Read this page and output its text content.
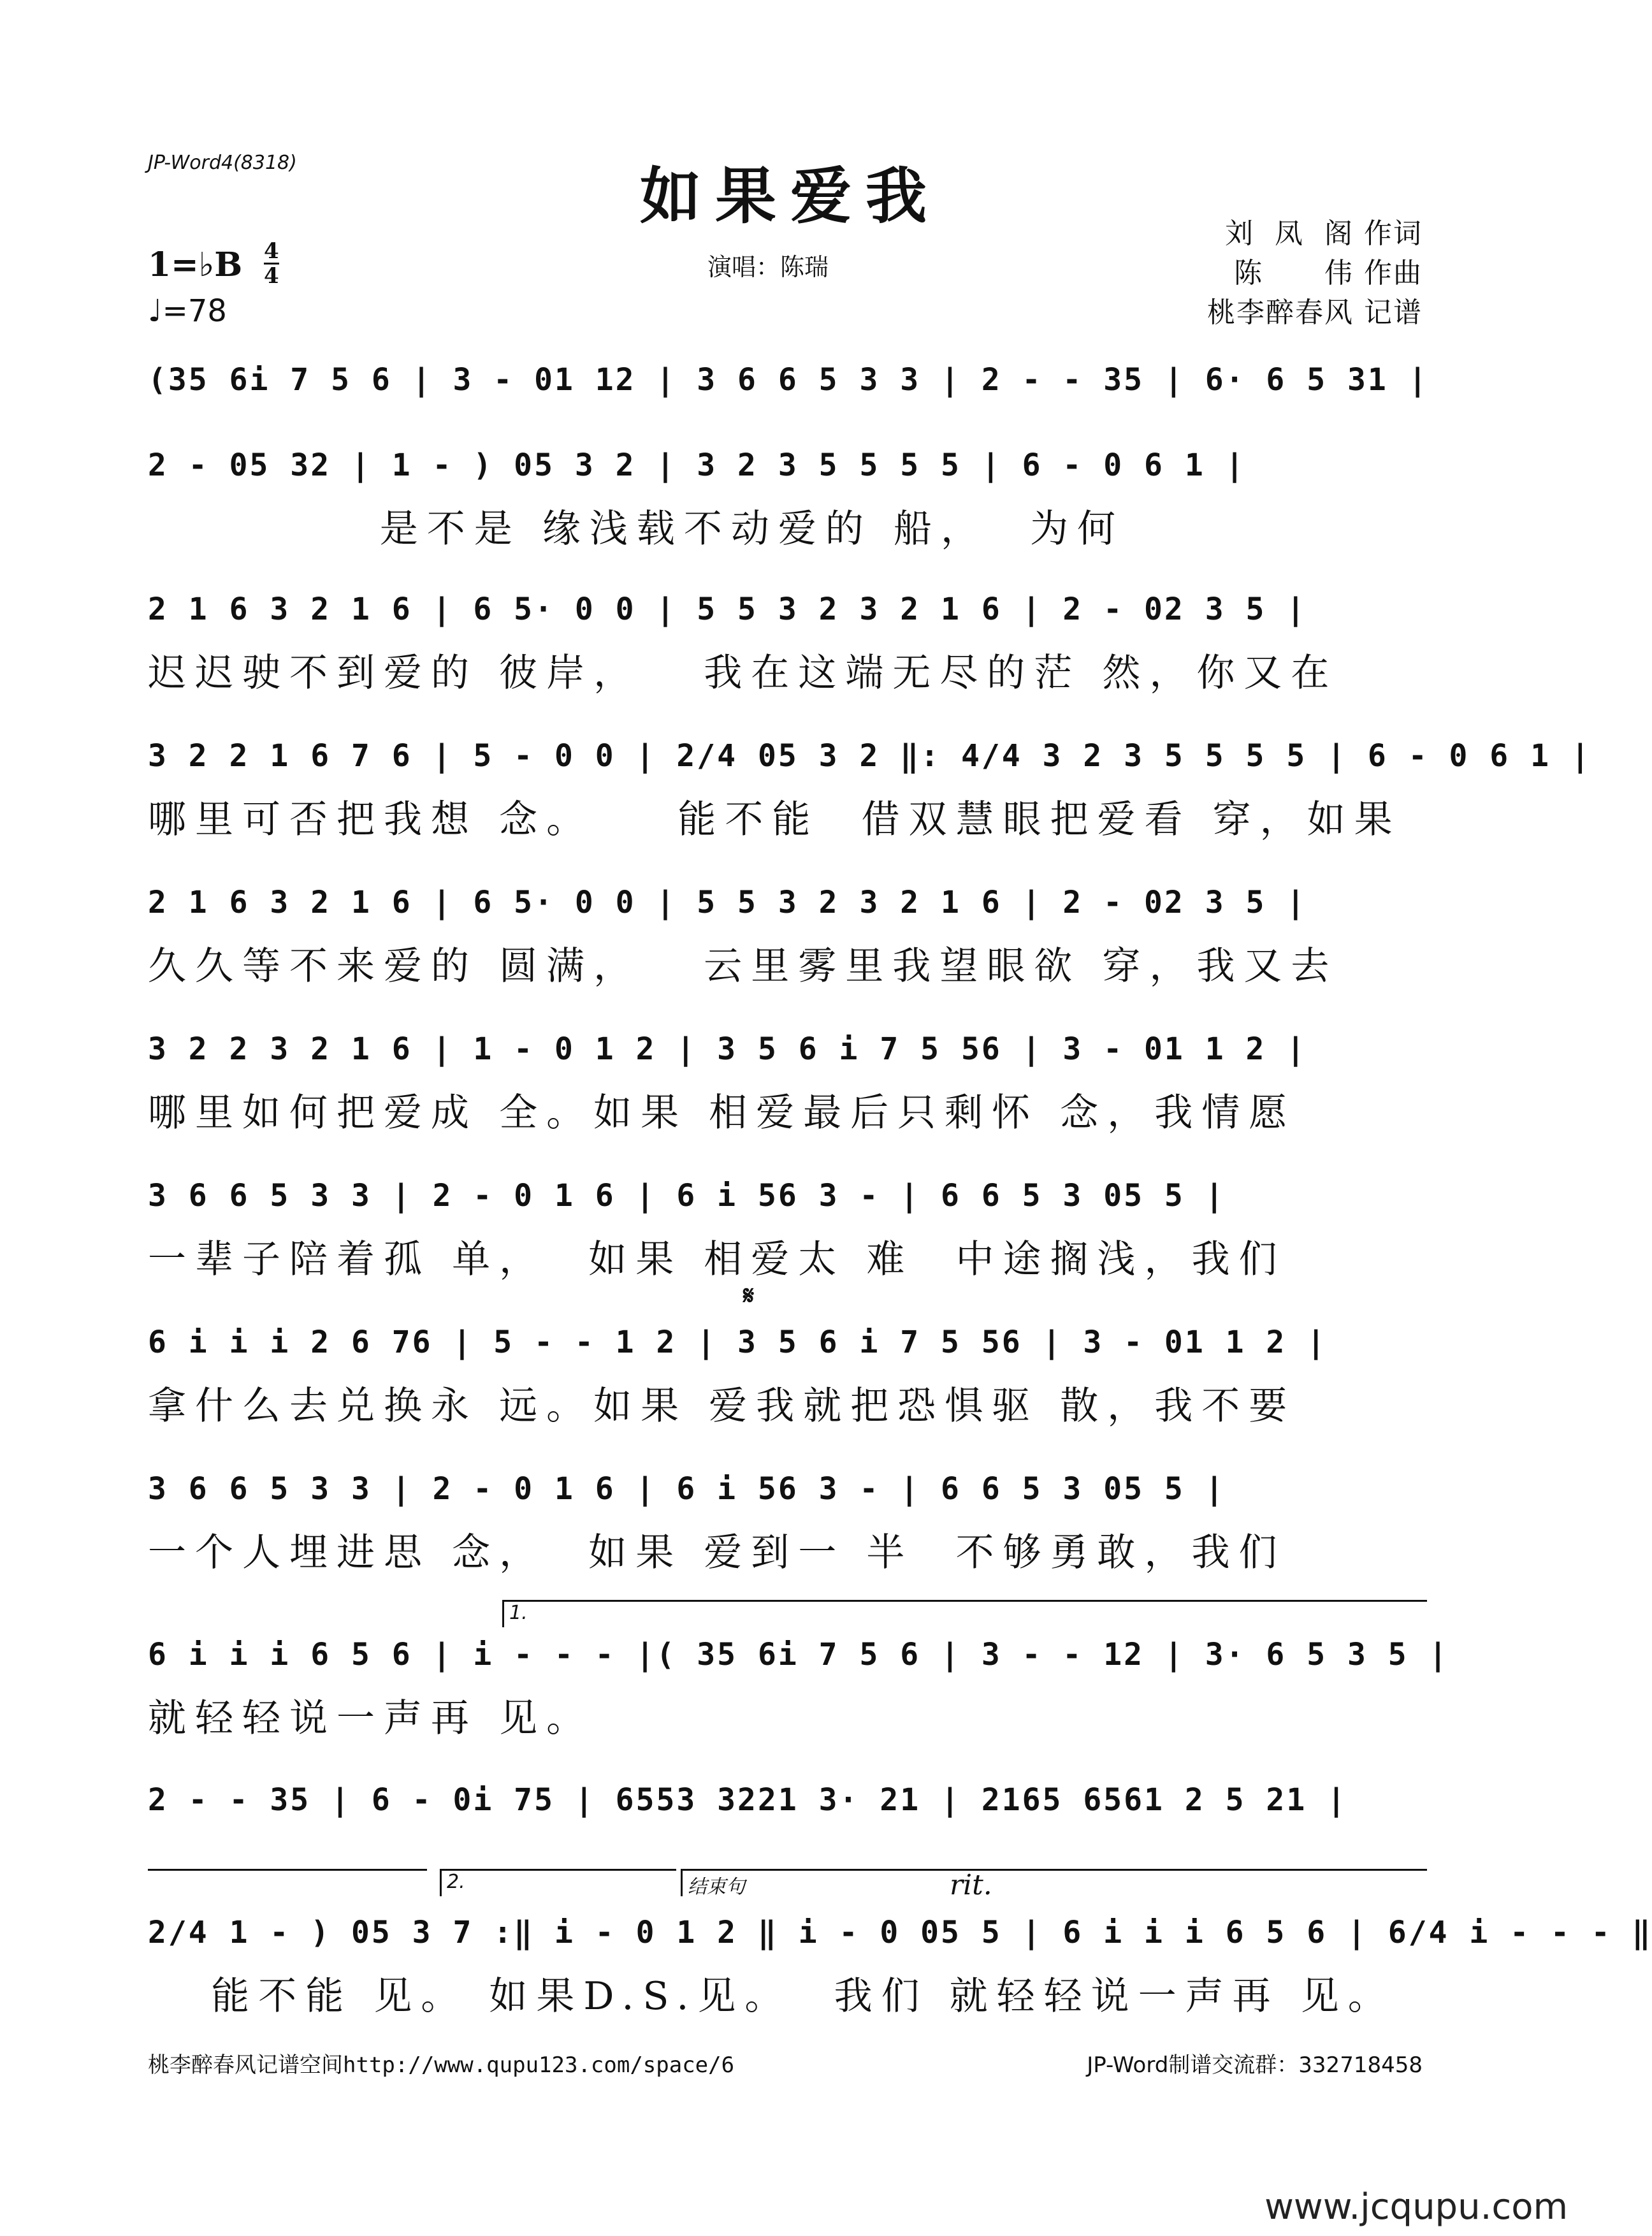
JP-Word4(8318)	如果爱我
1=♭B 4
4
♩=78
演唱：陈瑞
刘  凤  阁 作词
陈      伟 作曲
桃李醉春风 记谱
(35 6i 7 5 6 | 3 - 01 12 | 3 6 6 5 3 3 | 2 - - 35 | 6· 6 5 31 |
2 - 05 32 | 1 - ) 05 3 2 | 3 2 3 5 5 5 5 | 6 - 0 6 1 |
是不是 缘浅载不动爱的 船，  为何
2 1 6 3 2 1 6 | 6 5· 0 0 | 5 5 3 2 3 2 1 6 | 2 - 02 3 5 |
迟迟驶不到爱的 彼岸，   我在这端无尽的茫 然，你又在
3 2 2 1 6 7 6 | 5 - 0 0 | 2/4 05 3 2 ‖: 4/4 3 2 3 5 5 5 5 | 6 - 0 6 1 |
哪里可否把我想 念。    能不能  借双慧眼把爱看 穿，如果
2 1 6 3 2 1 6 | 6 5· 0 0 | 5 5 3 2 3 2 1 6 | 2 - 02 3 5 |
久久等不来爱的 圆满，   云里雾里我望眼欲 穿，我又去
3 2 2 3 2 1 6 | 1 - 0 1 2 | 3 5 6 i 7 5 56 | 3 - 01 1 2 |
哪里如何把爱成 全。如果 相爱最后只剩怀 念，我情愿
3 6 6 5 3 3 | 2 - 0 1 6 | 6 i 56 3 - | 6 6 5 3 05 5 |
一辈子陪着孤 单，  如果 相爱太 难  中途搁浅，我们
𝄋
6 i i i 2 6 76 | 5 - - 1 2 | 3 5 6 i 7 5 56 | 3 - 01 1 2 |
拿什么去兑换永 远。如果 爱我就把恐惧驱 散，我不要
3 6 6 5 3 3 | 2 - 0 1 6 | 6 i 56 3 - | 6 6 5 3 05 5 |
一个人埋进思 念，  如果 爱到一 半  不够勇敢，我们
1.
6 i i i 6 5 6 | i - - - |( 35 6i 7 5 6 | 3 - - 12 | 3· 6 5 3 5 |
就轻轻说一声再 见。
2 - - 35 | 6 - 0i 75 | 6553 3221 3· 21 | 2165 6561 2 5 21 |
2.	结束句	rit.
2/4 1 - ) 05 3 7 :‖ i - 0 1 2 ‖ i - 0 05 5 | 6 i i i 6 5 6 | 6/4 i - - - ‖
能不能 见。 如果D.S.见。  我们 就轻轻说一声再 见。
桃李醉春风记谱空间http://www.qupu123.com/space/6	JP-Word制谱交流群：332718458
www.jcqupu.com
